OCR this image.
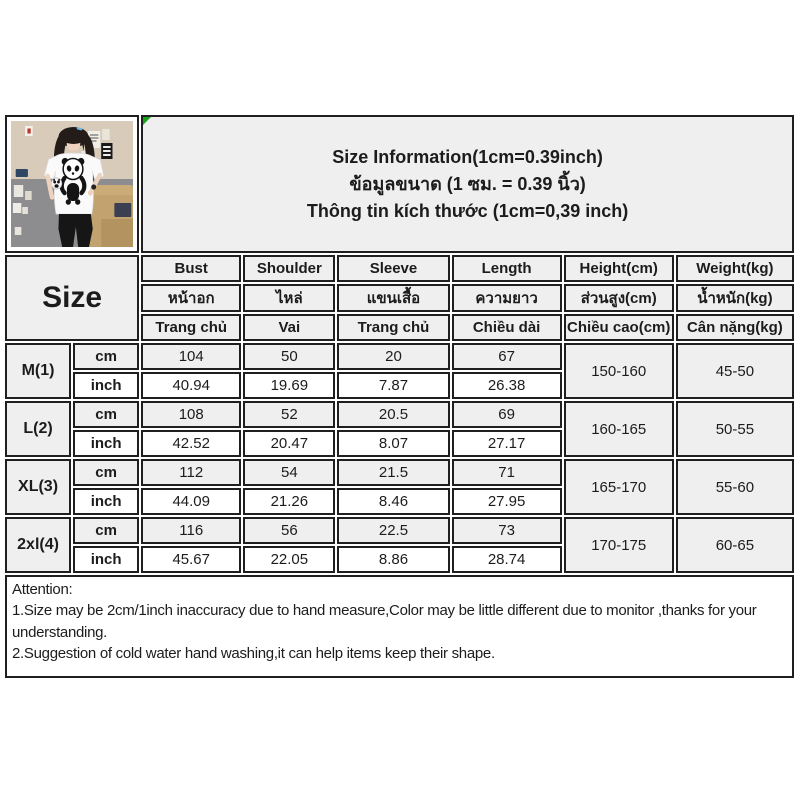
Size Information(1cm=0.39inch)
ข้อมูลขนาด (1 ซม. = 0.39 นิ้ว)
Thông tin kích thước (1cm=0,39 inch)					

Size		Bust	Shoulder	Sleeve	Length	Height(cm)	Weight(kg)
		หน้าอก	ไหล่	แขนเสื้อ	ความยาว	ส่วนสูง(cm)	น้ำหนัก(kg)
		Trang chủ	Vai	Trang chủ	Chiều dài	Chiều cao(cm)	Cân nặng(kg)
M(1)	cm	104	50	20	67	150-160	45-50
	inch	40.94	19.69	7.87	26.38		
L(2)	cm	108	52	20.5	69	160-165	50-55
	inch	42.52	20.47	8.07	27.17		
XL(3)	cm	112	54	21.5	71	165-170	55-60
	inch	44.09	21.26	8.46	27.95		
2xl(4)	cm	116	56	22.5	73	170-175	60-65
	inch	45.67	22.05	8.86	28.74		

Attention:
1.Size may be 2cm/1inch inaccuracy due to hand measure,Color may be little different due to monitor ,thanks for your understanding.
2.Suggestion of cold water hand washing,it can help items keep their shape.							
